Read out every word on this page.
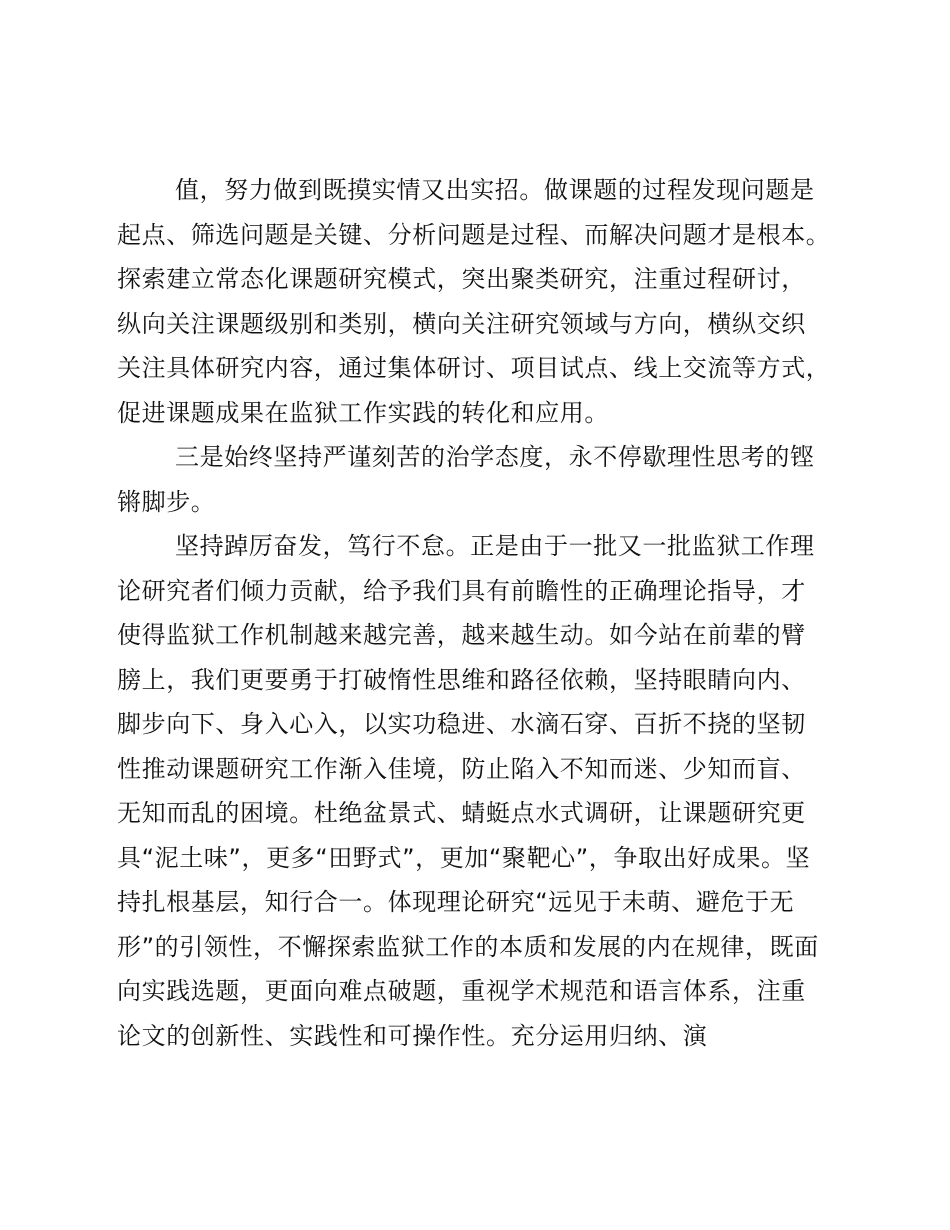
值，努力做到既摸实情又出实招。做课题的过程发现问题是
起点、筛选问题是关键、分析问题是过程、而解决问题才是根本。
探索建立常态化课题研究模式，突出聚类研究，注重过程研讨，
纵向关注课题级别和类别，横向关注研究领域与方向，横纵交织
关注具体研究内容，通过集体研讨、项目试点、线上交流等方式，
促进课题成果在监狱工作实践的转化和应用。
三是始终坚持严谨刻苦的治学态度，永不停歇理性思考的铿
锵脚步。
坚持踔厉奋发，笃行不怠。正是由于一批又一批监狱工作理
论研究者们倾力贡献，给予我们具有前瞻性的正确理论指导，才
使得监狱工作机制越来越完善，越来越生动。如今站在前辈的臂
膀上，我们更要勇于打破惰性思维和路径依赖，坚持眼睛向内、
脚步向下、身入心入，以实功稳进、水滴石穿、百折不挠的坚韧
性推动课题研究工作渐入佳境，防止陷入不知而迷、少知而盲、
无知而乱的困境。杜绝盆景式、蜻蜓点水式调研，让课题研究更
具“泥土味”，更多“田野式”，更加“聚靶心”，争取出好成果。坚
持扎根基层，知行合一。体现理论研究“远见于未萌、避危于无
形”的引领性，不懈探索监狱工作的本质和发展的内在规律，既面
向实践选题，更面向难点破题，重视学术规范和语言体系，注重
论文的创新性、实践性和可操作性。充分运用归纳、演
